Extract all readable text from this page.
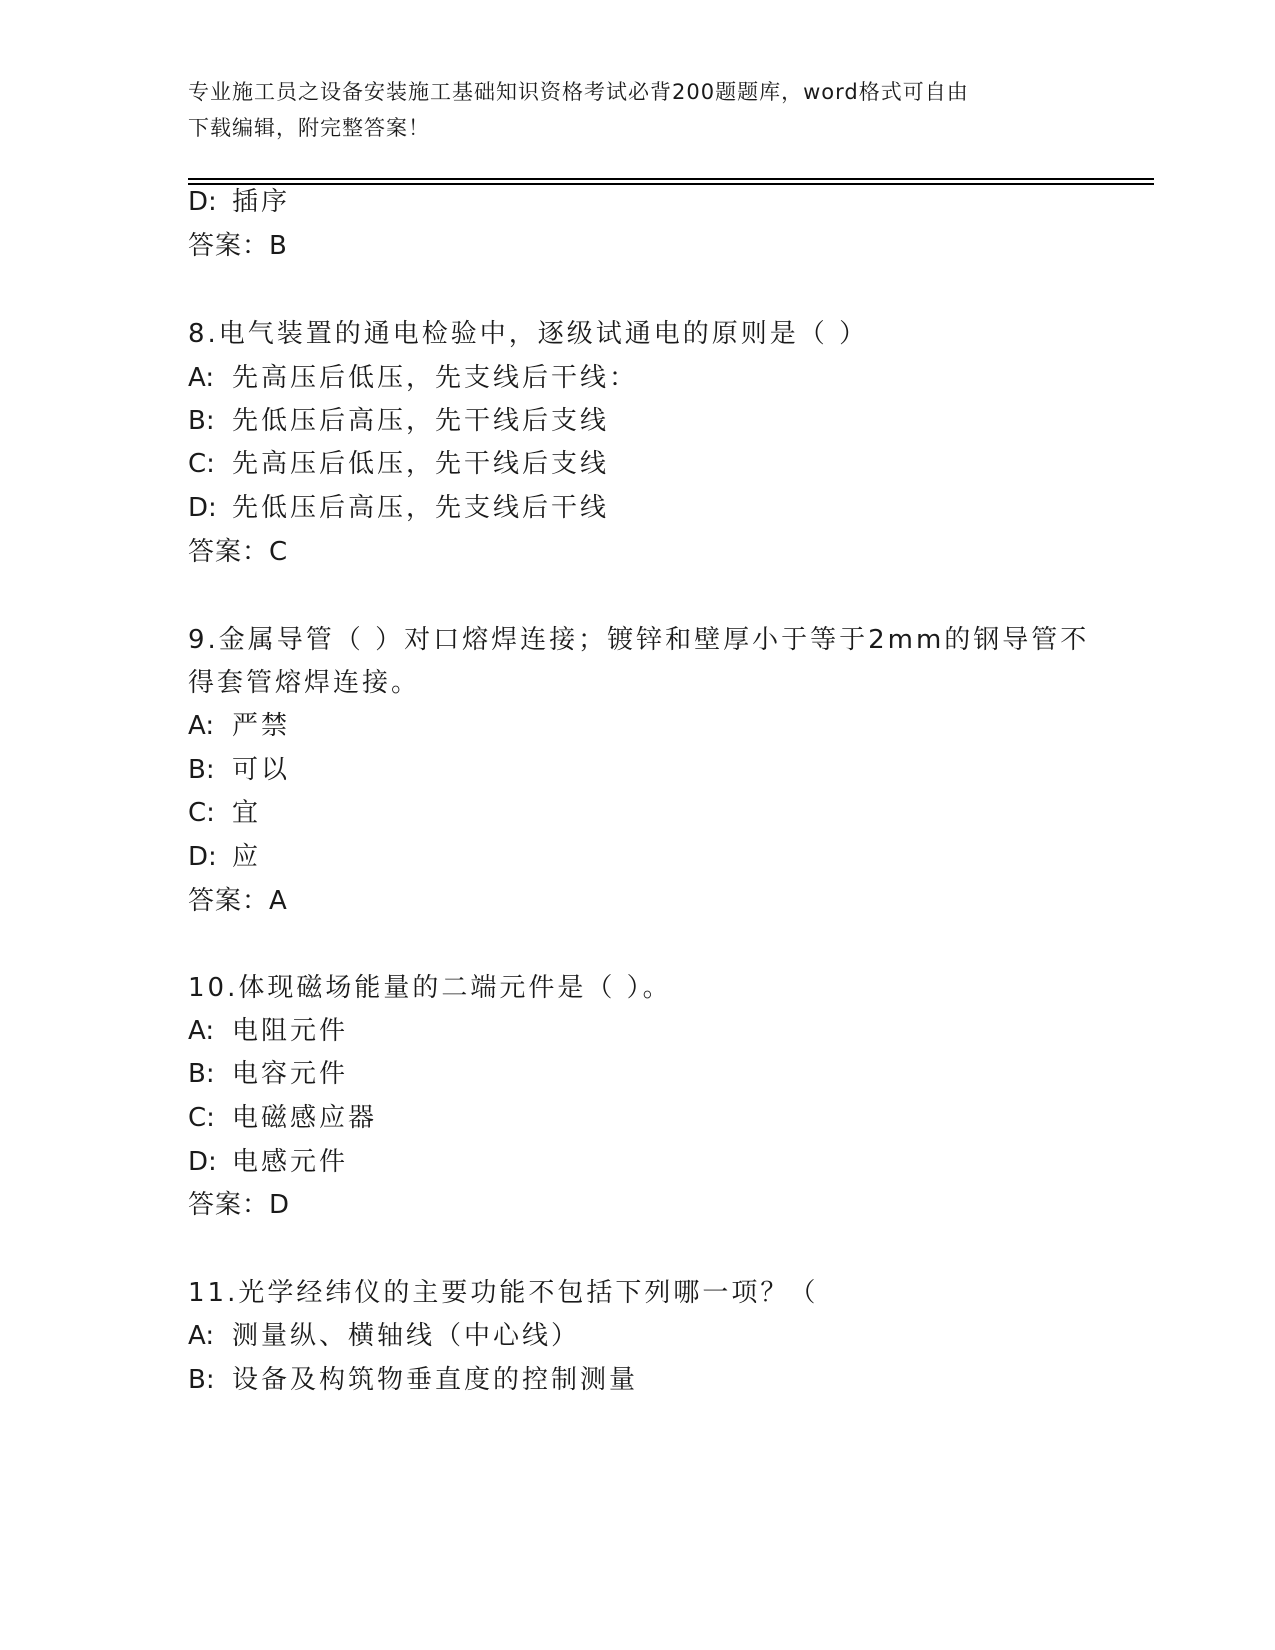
专业施工员之设备安装施工基础知识资格考试必背200题题库，word格式可自由
下载编辑，附完整答案！
D: 插序
答案：B
8.电气装置的通电检验中，逐级试通电的原则是（ ）
A: 先高压后低压，先支线后干线：
B: 先低压后高压，先干线后支线
C: 先高压后低压，先干线后支线
D: 先低压后高压，先支线后干线
答案：C
9.金属导管（ ）对口熔焊连接；镀锌和壁厚小于等于2mm的钢导管不
得套管熔焊连接。
A: 严禁
B: 可以
C: 宜
D: 应
答案：A
10.体现磁场能量的二端元件是（ ）。
A: 电阻元件
B: 电容元件
C: 电磁感应器
D: 电感元件
答案：D
11.光学经纬仪的主要功能不包括下列哪一项？（
A: 测量纵、横轴线（中心线）
B: 设备及构筑物垂直度的控制测量
